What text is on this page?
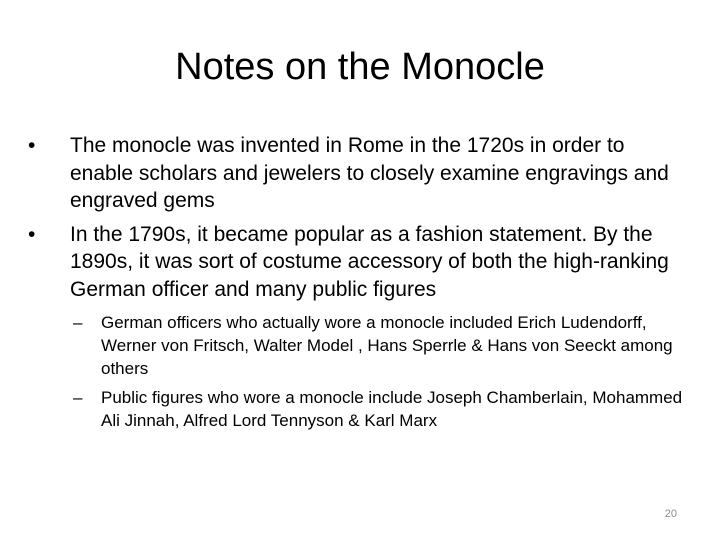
Notes on the Monocle
•	The monocle was invented in Rome in the 1720s in order to enable scholars and jewelers to closely examine engravings and engraved gems
•	In the 1790s, it became popular as a fashion statement. By the 1890s, it was sort of costume accessory of both the high-ranking German officer and many public figures
– German officers who actually wore a monocle included Erich Ludendorff, Werner von Fritsch, Walter Model , Hans Sperrle & Hans von Seeckt among others
– Public figures who wore a monocle include Joseph Chamberlain, Mohammed Ali Jinnah, Alfred Lord Tennyson & Karl Marx
20
